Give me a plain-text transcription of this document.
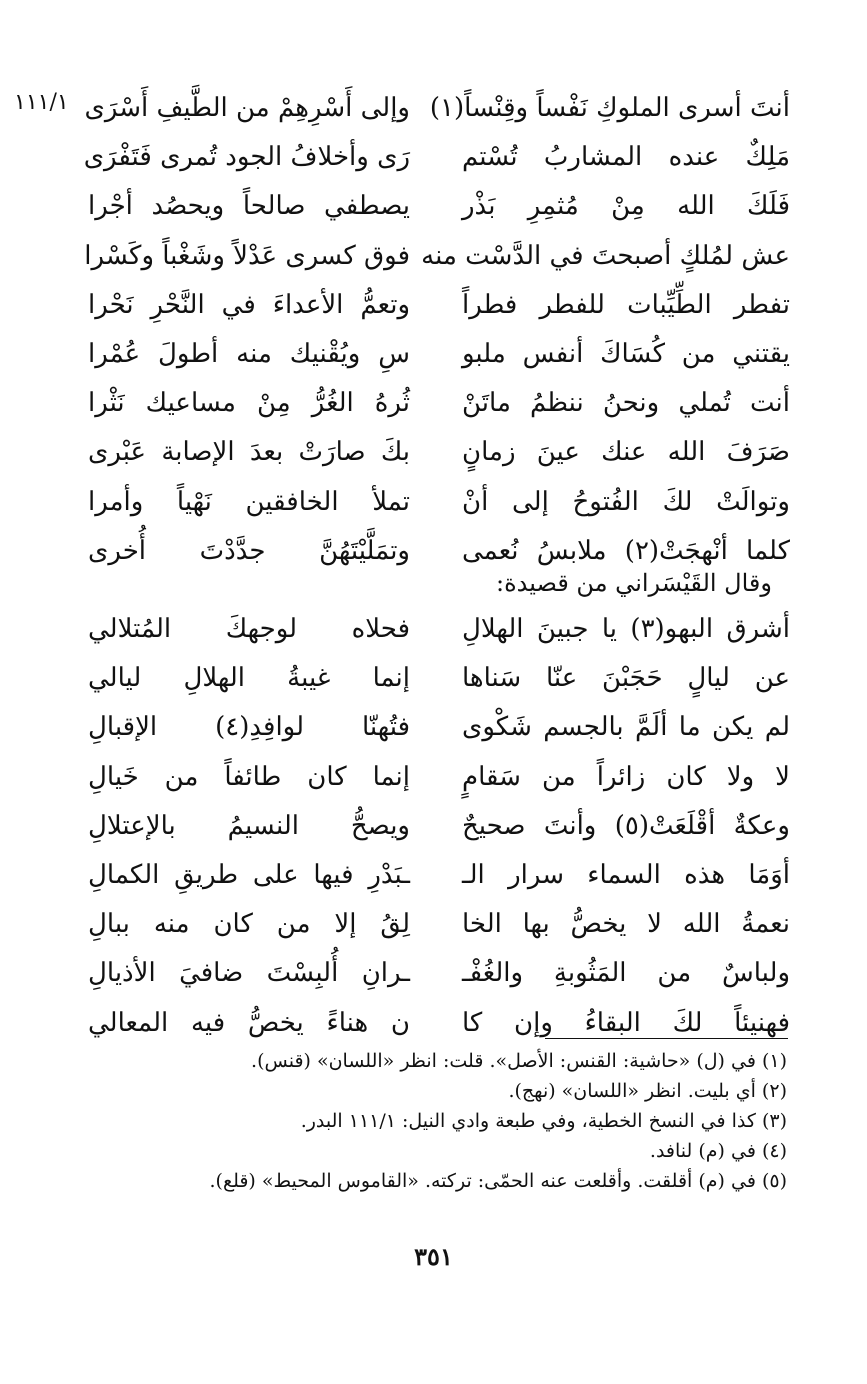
١١١/١	أنتَ أسرى الملوكِ نَفْساً وقِنْساً(١)
مَلِكٌ عنده المشاربُ تُسْتم
فَلَكَ الله مِنْ مُثمِرِ بَذْر
عش لمُلكٍ أصبحتَ في الدَّسْت منه
تفطر الطِّيِّبات للفطر فطراً
يقتني من كُسَاكَ أنفس ملبو
أنت تُملي ونحنُ ننظمُ ماتَنْ
صَرَفَ الله عنك عينَ زمانٍ
وتوالَتْ لكَ الفُتوحُ إلى أنْ
كلما أنْهجَتْ(٢) ملابسُ نُعمى
وإلى أَسْرِهِمْ من الطَّيفِ أَسْرَى
رَى وأخلافُ الجود تُمرى فَتَفْرَى
يصطفي صالحاً ويحصُد أجْرا
فوق كسرى عَدْلاً وشَغْباً وكَسْرا
وتعمُّ الأعداءَ في النَّحْرِ نَحْرا
سِ ويُقْنيك منه أطولَ عُمْرا
ثُرهُ الغُرُّ مِنْ مساعيك نَثْرا
بكَ صارَتْ بعدَ الإصابة عَبْرى
تملأ الخافقين نَهْياً وأمرا
وتمَلَّيْتَهُنَّ جدَّدْتَ أُخرى
وقال القَيْسَراني من قصيدة:
أشرق البهو(٣) يا جبينَ الهلالِ
عن ليالٍ حَجَبْنَ عنّا سَناها
لم يكن ما ألَمَّ بالجسم شَكْوى
لا ولا كان زائراً من سَقامٍ
وعكةٌ أقْلَعَتْ(٥) وأنتَ صحيحٌ
أوَمَا هذه السماء سرار الـ
نعمةُ الله لا يخصُّ بها الخا
ولباسٌ من المَثُوبةِ والغُفْـ
فهنيئاً لكَ البقاءُ وإن كا
فحلاه لوجهكَ المُتلالي
إنما غيبةُ الهلالِ ليالي
فتُهنّا لوافِدِ(٤) الإقبالِ
إنما كان طائفاً من خَيالِ
ويصحُّ النسيمُ بالإعتلالِ
ـبَدْرِ فيها على طريقِ الكمالِ
لِقُ إلا من كان منه ببالِ
ـرانِ أُلبِسْتَ ضافيَ الأذيالِ
ن هناءً يخصُّ فيه المعالي
(١) في (ل) «حاشية: القنس: الأصل». قلت: انظر «اللسان» (قنس).
(٢) أي بليت. انظر «اللسان» (نهج).
(٣) كذا في النسخ الخطية، وفي طبعة وادي النيل: ١١١/١ البدر.
(٤) في (م) لنافد.
(٥) في (م) أقلقت. وأقلعت عنه الحمّى: تركته. «القاموس المحيط» (قلع).
٣٥١
